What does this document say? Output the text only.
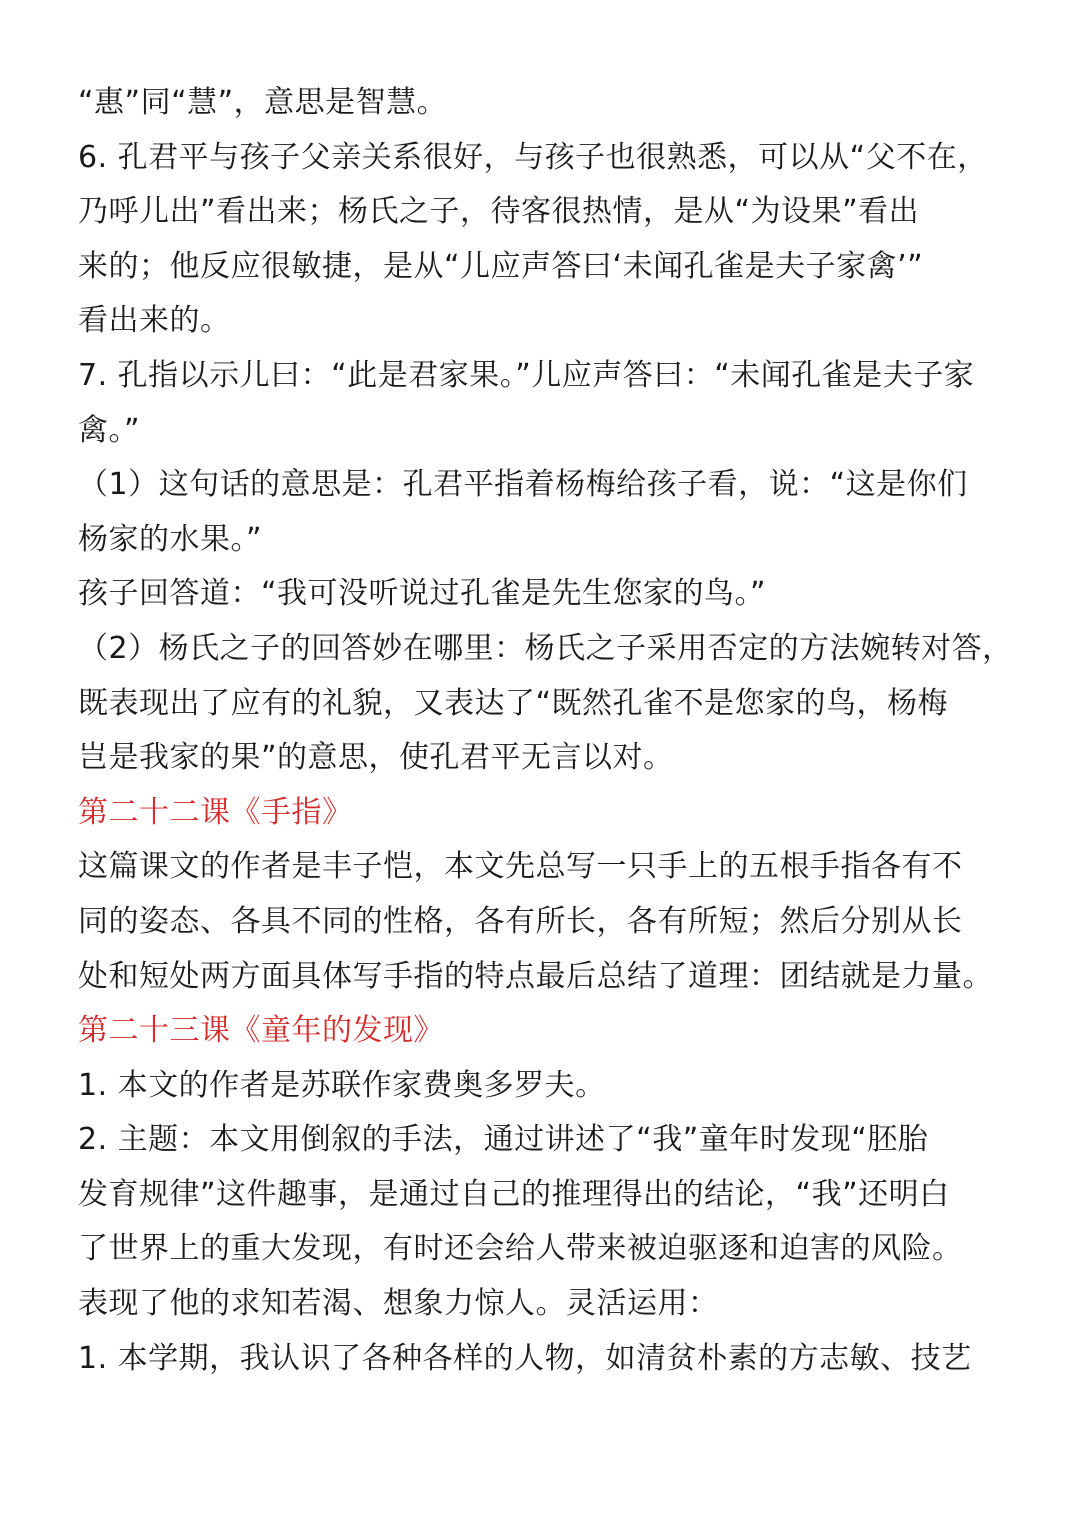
“惠”同“慧”，意思是智慧。
6. 孔君平与孩子父亲关系很好，与孩子也很熟悉，可以从“父不在，
乃呼儿出”看出来；杨氏之子，待客很热情，是从“为设果”看出
来的；他反应很敏捷，是从“儿应声答曰‘未闻孔雀是夫子家禽’”
看出来的。
7. 孔指以示儿曰：“此是君家果。”儿应声答曰：“未闻孔雀是夫子家
禽。”
（1）这句话的意思是：孔君平指着杨梅给孩子看，说：“这是你们
杨家的水果。”
孩子回答道：“我可没听说过孔雀是先生您家的鸟。”
（2）杨氏之子的回答妙在哪里：杨氏之子采用否定的方法婉转对答，
既表现出了应有的礼貌，又表达了“既然孔雀不是您家的鸟，杨梅
岂是我家的果”的意思，使孔君平无言以对。
第二十二课《手指》
这篇课文的作者是丰子恺，本文先总写一只手上的五根手指各有不
同的姿态、各具不同的性格，各有所长，各有所短；然后分别从长
处和短处两方面具体写手指的特点最后总结了道理：团结就是力量。
第二十三课《童年的发现》
1. 本文的作者是苏联作家费奥多罗夫。
2. 主题：本文用倒叙的手法，通过讲述了“我”童年时发现“胚胎
发育规律”这件趣事，是通过自己的推理得出的结论，“我”还明白
了世界上的重大发现，有时还会给人带来被迫驱逐和迫害的风险。
表现了他的求知若渴、想象力惊人。灵活运用：
1. 本学期，我认识了各种各样的人物，如清贫朴素的方志敏、技艺
